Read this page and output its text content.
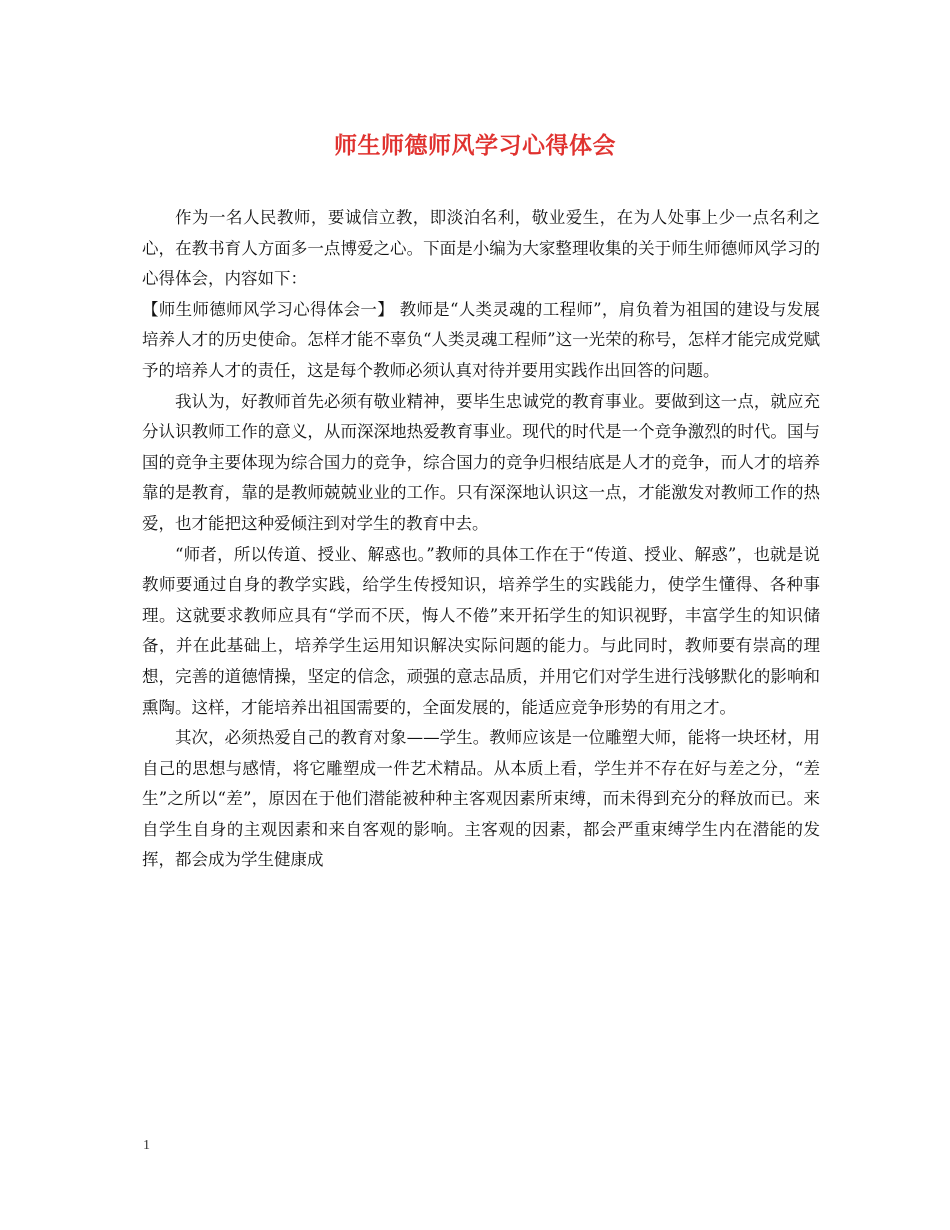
师生师德师风学习心得体会

作为一名人民教师，要诚信立教，即淡泊名利，敬业爱生，在为人处事上少一点名利之心，在教书育人方面多一点博爱之心。下面是小编为大家整理收集的关于师生师德师风学习的心得体会，内容如下：

【师生师德师风学习心得体会一】 教师是“人类灵魂的工程师”，肩负着为祖国的建设与发展培养人才的历史使命。怎样才能不辜负“人类灵魂工程师”这一光荣的称号，怎样才能完成党赋予的培养人才的责任，这是每个教师必须认真对待并要用实践作出回答的问题。

我认为，好教师首先必须有敬业精神，要毕生忠诚党的教育事业。要做到这一点，就应充分认识教师工作的意义，从而深深地热爱教育事业。现代的时代是一个竞争激烈的时代。国与国的竞争主要体现为综合国力的竞争，综合国力的竞争归根结底是人才的竞争，而人才的培养靠的是教育，靠的是教师兢兢业业的工作。只有深深地认识这一点，才能激发对教师工作的热爱，也才能把这种爱倾注到对学生的教育中去。

“师者，所以传道、授业、解惑也。”教师的具体工作在于“传道、授业、解惑”，也就是说教师要通过自身的教学实践，给学生传授知识，培养学生的实践能力，使学生懂得、各种事理。这就要求教师应具有“学而不厌，悔人不倦”来开拓学生的知识视野，丰富学生的知识储备，并在此基础上，培养学生运用知识解决实际问题的能力。与此同时，教师要有崇高的理想，完善的道德情操，坚定的信念，顽强的意志品质，并用它们对学生进行浅够默化的影响和熏陶。这样，才能培养出祖国需要的，全面发展的，能适应竞争形势的有用之才。

其次，必须热爱自己的教育对象——学生。教师应该是一位雕塑大师，能将一块坯材，用自己的思想与感情，将它雕塑成一件艺术精品。从本质上看，学生并不存在好与差之分，“差生”之所以“差”，原因在于他们潜能被种种主客观因素所束缚，而未得到充分的释放而已。来自学生自身的主观因素和来自客观的影响。主客观的因素，都会严重束缚学生内在潜能的发挥，都会成为学生健康成

1
